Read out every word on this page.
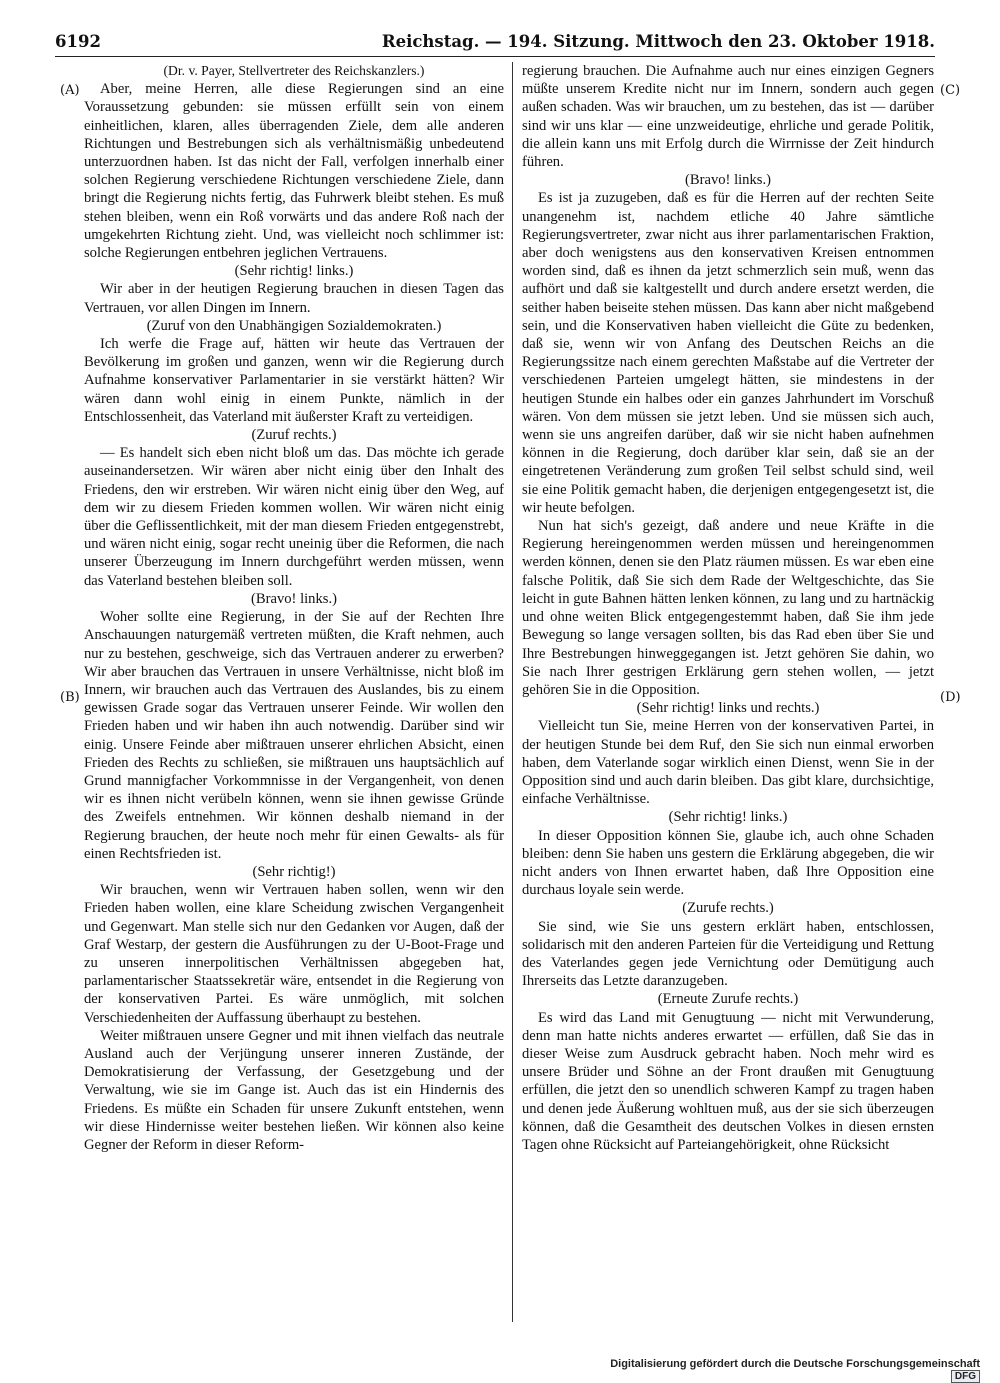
6192	Reichstag. — 194. Sitzung. Mittwoch den 23. Oktober 1918.
(A)
(B)
(C)
(D)

(Dr. v. Payer, Stellvertreter des Reichskanzlers.)

Aber, meine Herren, alle diese Regierungen sind an eine Voraussetzung gebunden: sie müssen erfüllt sein von einem einheitlichen, klaren, alles überragenden Ziele, dem alle anderen Richtungen und Bestrebungen sich als verhältnismäßig unbedeutend unterzuordnen haben. Ist das nicht der Fall, verfolgen innerhalb einer solchen Regierung verschiedene Richtungen verschiedene Ziele, dann bringt die Regierung nichts fertig, das Fuhrwerk bleibt stehen. Es muß stehen bleiben, wenn ein Roß vorwärts und das andere Roß nach der umgekehrten Richtung zieht. Und, was vielleicht noch schlimmer ist: solche Regierungen entbehren jeglichen Vertrauens.

(Sehr richtig! links.)

Wir aber in der heutigen Regierung brauchen in diesen Tagen das Vertrauen, vor allen Dingen im Innern.

(Zuruf von den Unabhängigen Sozialdemokraten.)

Ich werfe die Frage auf, hätten wir heute das Vertrauen der Bevölkerung im großen und ganzen, wenn wir die Regierung durch Aufnahme konservativer Parlamentarier in sie verstärkt hätten? Wir wären dann wohl einig in einem Punkte, nämlich in der Entschlossenheit, das Vaterland mit äußerster Kraft zu verteidigen.

(Zuruf rechts.)

— Es handelt sich eben nicht bloß um das. Das möchte ich gerade auseinandersetzen. Wir wären aber nicht einig über den Inhalt des Friedens, den wir erstreben. Wir wären nicht einig über den Weg, auf dem wir zu diesem Frieden kommen wollen. Wir wären nicht einig über die Geflissentlichkeit, mit der man diesem Frieden entgegenstrebt, und wären nicht einig, sogar recht uneinig über die Reformen, die nach unserer Überzeugung im Innern durchgeführt werden müssen, wenn das Vaterland bestehen bleiben soll.

(Bravo! links.)

Woher sollte eine Regierung, in der Sie auf der Rechten Ihre Anschauungen naturgemäß vertreten müßten, die Kraft nehmen, auch nur zu bestehen, geschweige, sich das Vertrauen anderer zu erwerben? Wir aber brauchen das Vertrauen in unsere Verhältnisse, nicht bloß im Innern, wir brauchen auch das Vertrauen des Auslandes, bis zu einem gewissen Grade sogar das Vertrauen unserer Feinde. Wir wollen den Frieden haben und wir haben ihn auch notwendig. Darüber sind wir einig. Unsere Feinde aber mißtrauen unserer ehrlichen Absicht, einen Frieden des Rechts zu schließen, sie mißtrauen uns hauptsächlich auf Grund mannigfacher Vorkommnisse in der Vergangenheit, von denen wir es ihnen nicht verübeln können, wenn sie ihnen gewisse Gründe des Zweifels entnehmen. Wir können deshalb niemand in der Regierung brauchen, der heute noch mehr für einen Gewalts- als für einen Rechtsfrieden ist.

(Sehr richtig!)

Wir brauchen, wenn wir Vertrauen haben sollen, wenn wir den Frieden haben wollen, eine klare Scheidung zwischen Vergangenheit und Gegenwart. Man stelle sich nur den Gedanken vor Augen, daß der Graf Westarp, der gestern die Ausführungen zu der U-Boot-Frage und zu unseren innerpolitischen Verhältnissen abgegeben hat, parlamentarischer Staatssekretär wäre, entsendet in die Regierung von der konservativen Partei. Es wäre unmöglich, mit solchen Verschiedenheiten der Auffassung überhaupt zu bestehen.

Weiter mißtrauen unsere Gegner und mit ihnen vielfach das neutrale Ausland auch der Verjüngung unserer inneren Zustände, der Demokratisierung der Verfassung, der Gesetzgebung und der Verwaltung, wie sie im Gange ist. Auch das ist ein Hindernis des Friedens. Es müßte ein Schaden für unsere Zukunft entstehen, wenn wir diese Hindernisse weiter bestehen ließen. Wir können also keine Gegner der Reform in dieser Reform-

regierung brauchen. Die Aufnahme auch nur eines einzigen Gegners müßte unserem Kredite nicht nur im Innern, sondern auch gegen außen schaden. Was wir brauchen, um zu bestehen, das ist — darüber sind wir uns klar — eine unzweideutige, ehrliche und gerade Politik, die allein kann uns mit Erfolg durch die Wirrnisse der Zeit hindurch führen.

(Bravo! links.)

Es ist ja zuzugeben, daß es für die Herren auf der rechten Seite unangenehm ist, nachdem etliche 40 Jahre sämtliche Regierungsvertreter, zwar nicht aus ihrer parlamentarischen Fraktion, aber doch wenigstens aus den konservativen Kreisen entnommen worden sind, daß es ihnen da jetzt schmerzlich sein muß, wenn das aufhört und daß sie kaltgestellt und durch andere ersetzt werden, die seither haben beiseite stehen müssen. Das kann aber nicht maßgebend sein, und die Konservativen haben vielleicht die Güte zu bedenken, daß sie, wenn wir von Anfang des Deutschen Reichs an die Regierungssitze nach einem gerechten Maßstabe auf die Vertreter der verschiedenen Parteien umgelegt hätten, sie mindestens in der heutigen Stunde ein halbes oder ein ganzes Jahrhundert im Vorschuß wären. Von dem müssen sie jetzt leben. Und sie müssen sich auch, wenn sie uns angreifen darüber, daß wir sie nicht haben aufnehmen können in die Regierung, doch darüber klar sein, daß sie an der eingetretenen Veränderung zum großen Teil selbst schuld sind, weil sie eine Politik gemacht haben, die derjenigen entgegengesetzt ist, die wir heute befolgen.

Nun hat sich's gezeigt, daß andere und neue Kräfte in die Regierung hereingenommen werden müssen und hereingenommen werden können, denen sie den Platz räumen müssen. Es war eben eine falsche Politik, daß Sie sich dem Rade der Weltgeschichte, das Sie leicht in gute Bahnen hätten lenken können, zu lang und zu hartnäckig und ohne weiten Blick entgegengestemmt haben, daß Sie ihm jede Bewegung so lange versagen sollten, bis das Rad eben über Sie und Ihre Bestrebungen hinweggegangen ist. Jetzt gehören Sie dahin, wo Sie nach Ihrer gestrigen Erklärung gern stehen wollen, — jetzt gehören Sie in die Opposition.

(Sehr richtig! links und rechts.)

Vielleicht tun Sie, meine Herren von der konservativen Partei, in der heutigen Stunde bei dem Ruf, den Sie sich nun einmal erworben haben, dem Vaterlande sogar wirklich einen Dienst, wenn Sie in der Opposition sind und auch darin bleiben. Das gibt klare, durchsichtige, einfache Verhältnisse.

(Sehr richtig! links.)

In dieser Opposition können Sie, glaube ich, auch ohne Schaden bleiben: denn Sie haben uns gestern die Erklärung abgegeben, die wir nicht anders von Ihnen erwartet haben, daß Ihre Opposition eine durchaus loyale sein werde.

(Zurufe rechts.)

Sie sind, wie Sie uns gestern erklärt haben, entschlossen, solidarisch mit den anderen Parteien für die Verteidigung und Rettung des Vaterlandes gegen jede Vernichtung oder Demütigung auch Ihrerseits das Letzte daranzugeben.

(Erneute Zurufe rechts.)

Es wird das Land mit Genugtuung — nicht mit Verwunderung, denn man hatte nichts anderes erwartet — erfüllen, daß Sie das in dieser Weise zum Ausdruck gebracht haben. Noch mehr wird es unsere Brüder und Söhne an der Front draußen mit Genugtuung erfüllen, die jetzt den so unendlich schweren Kampf zu tragen haben und denen jede Äußerung wohltuen muß, aus der sie sich überzeugen können, daß die Gesamtheit des deutschen Volkes in diesen ernsten Tagen ohne Rücksicht auf Parteiangehörigkeit, ohne Rücksicht

Digitalisierung gefördert durch die Deutsche Forschungsgemeinschaft DFG
